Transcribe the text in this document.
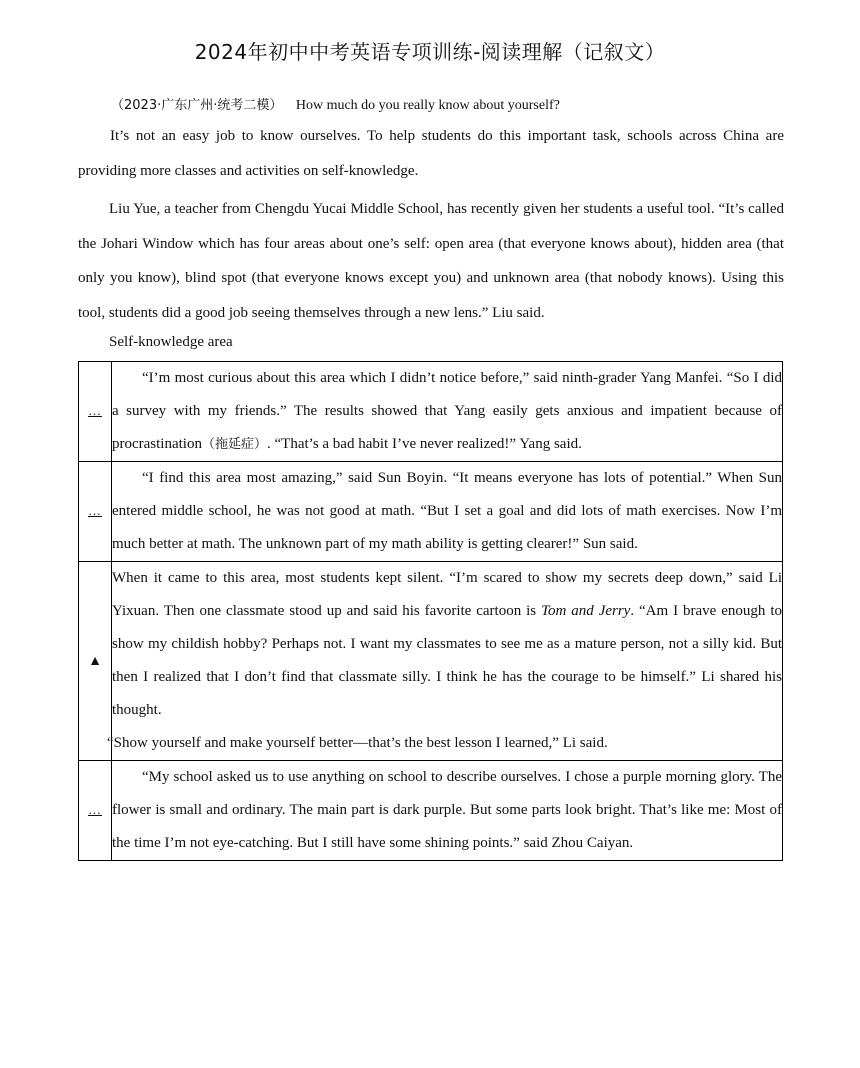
2024年初中中考英语专项训练-阅读理解（记叙文）
（2023·广东广州·统考二模） How much do you really know about yourself?

It’s not an easy job to know ourselves. To help students do this important task, schools across China are providing more classes and activities on self-knowledge.

Liu Yue, a teacher from Chengdu Yucai Middle School, has recently given her students a useful tool. “It’s called the Johari Window which has four areas about one’s self: open area (that everyone knows about), hidden area (that only you know), blind spot (that everyone knows except you) and unknown area (that nobody knows). Using this tool, students did a good job seeing themselves through a new lens.” Liu said.

Self-knowledge area
…	“I’m most curious about this area which I didn’t notice before,” said ninth-grader Yang Manfei. “So I did a survey with my friends.” The results showed that Yang easily gets anxious and impatient because of procrastination（拖延症）. “That’s a bad habit I’ve never realized!” Yang said.

…	“I find this area most amazing,” said Sun Boyin. “It means everyone has lots of potential.” When Sun entered middle school, he was not good at math. “But I set a goal and did lots of math exercises. Now I’m much better at math. The unknown part of my math ability is getting clearer!” Sun said.

▲	When it came to this area, most students kept silent. “I’m scared to show my secrets deep down,” said Li Yixuan. Then one classmate stood up and said his favorite cartoon is Tom and Jerry. “Am I brave enough to show my childish hobby? Perhaps not. I want my classmates to see me as a mature person, not a silly kid. But then I realized that I don’t find that classmate silly. I think he has the courage to be himself.” Li shared his thought.

“Show yourself and make yourself better—that’s the best lesson I learned,” Li said.

…	“My school asked us to use anything on school to describe ourselves. I chose a purple morning glory. The flower is small and ordinary. The main part is dark purple. But some parts look bright. That’s like me: Most of the time I’m not eye-catching. But I still have some shining points.” said Zhou Caiyan.
